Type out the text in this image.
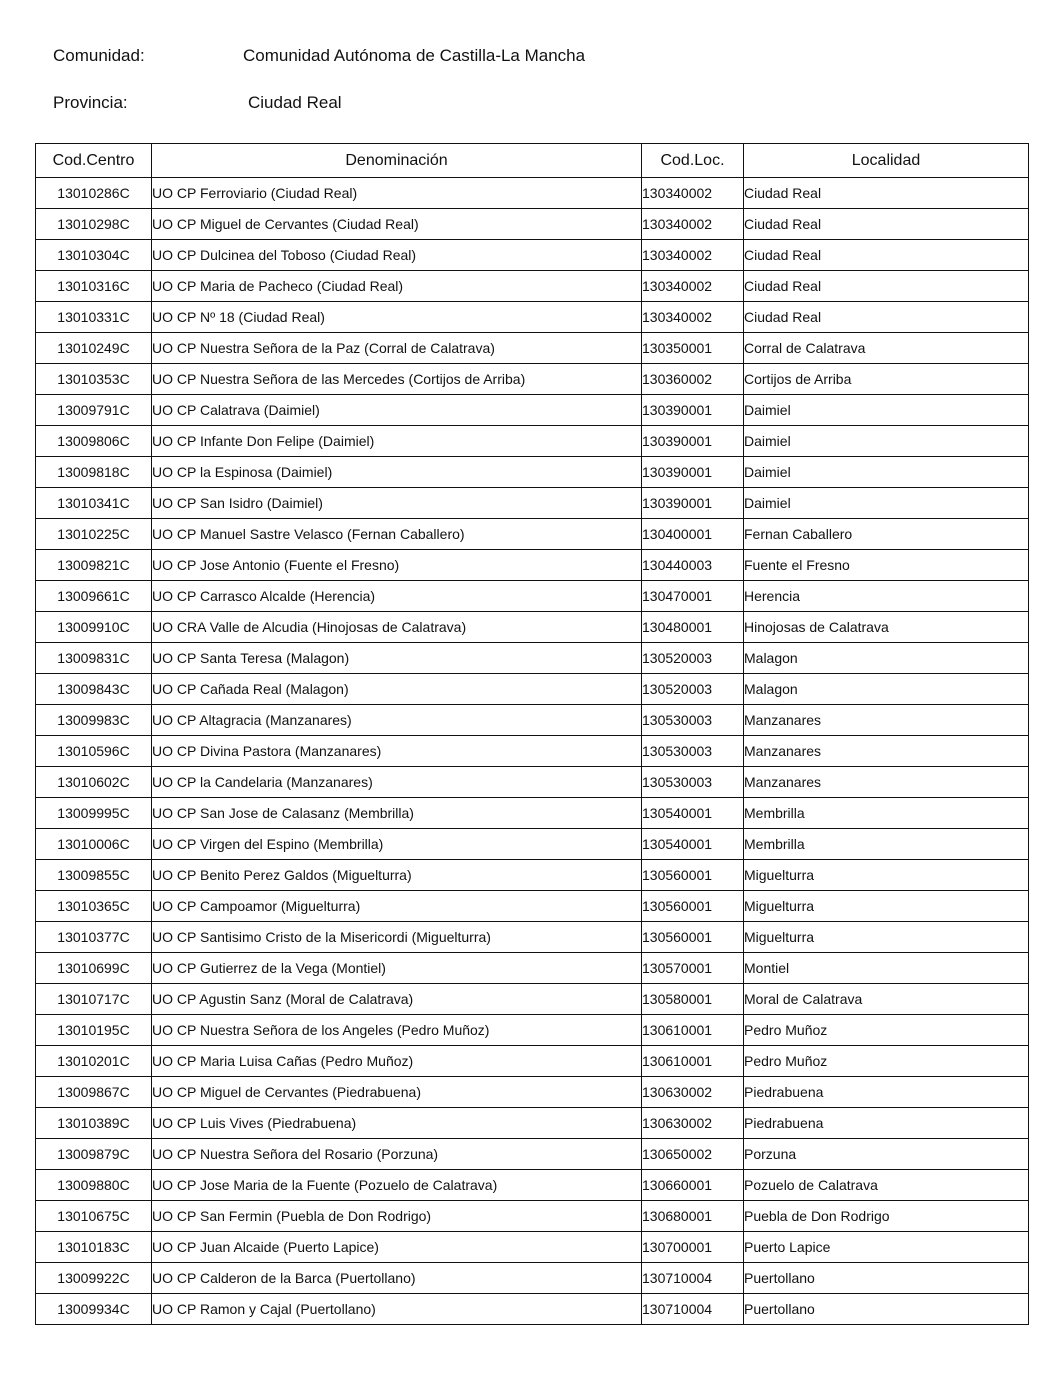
Comunidad:	Comunidad Autónoma de Castilla-La Mancha
Provincia:	Ciudad Real
Cod.Centro	Denominación	Cod.Loc.	Localidad
13010286C	UO CP Ferroviario (Ciudad Real)	130340002	Ciudad Real
13010298C	UO CP Miguel de Cervantes (Ciudad Real)	130340002	Ciudad Real
13010304C	UO CP Dulcinea del Toboso (Ciudad Real)	130340002	Ciudad Real
13010316C	UO CP Maria de Pacheco (Ciudad Real)	130340002	Ciudad Real
13010331C	UO CP Nº 18 (Ciudad Real)	130340002	Ciudad Real
13010249C	UO CP Nuestra Señora de la Paz (Corral de Calatrava)	130350001	Corral de Calatrava
13010353C	UO CP Nuestra Señora de las Mercedes (Cortijos de Arriba)	130360002	Cortijos de Arriba
13009791C	UO CP Calatrava (Daimiel)	130390001	Daimiel
13009806C	UO CP Infante Don Felipe (Daimiel)	130390001	Daimiel
13009818C	UO CP la Espinosa (Daimiel)	130390001	Daimiel
13010341C	UO CP San Isidro (Daimiel)	130390001	Daimiel
13010225C	UO CP Manuel Sastre Velasco (Fernan Caballero)	130400001	Fernan Caballero
13009821C	UO CP Jose Antonio (Fuente el Fresno)	130440003	Fuente el Fresno
13009661C	UO CP Carrasco Alcalde (Herencia)	130470001	Herencia
13009910C	UO CRA Valle de Alcudia (Hinojosas de Calatrava)	130480001	Hinojosas de Calatrava
13009831C	UO CP Santa Teresa (Malagon)	130520003	Malagon
13009843C	UO CP Cañada Real (Malagon)	130520003	Malagon
13009983C	UO CP Altagracia (Manzanares)	130530003	Manzanares
13010596C	UO CP Divina Pastora (Manzanares)	130530003	Manzanares
13010602C	UO CP la Candelaria (Manzanares)	130530003	Manzanares
13009995C	UO CP San Jose de Calasanz (Membrilla)	130540001	Membrilla
13010006C	UO CP Virgen del Espino (Membrilla)	130540001	Membrilla
13009855C	UO CP Benito Perez Galdos (Miguelturra)	130560001	Miguelturra
13010365C	UO CP Campoamor (Miguelturra)	130560001	Miguelturra
13010377C	UO CP Santisimo Cristo de la Misericordi (Miguelturra)	130560001	Miguelturra
13010699C	UO CP Gutierrez de la Vega (Montiel)	130570001	Montiel
13010717C	UO CP Agustin Sanz (Moral de Calatrava)	130580001	Moral de Calatrava
13010195C	UO CP Nuestra Señora de los Angeles (Pedro Muñoz)	130610001	Pedro Muñoz
13010201C	UO CP Maria Luisa Cañas (Pedro Muñoz)	130610001	Pedro Muñoz
13009867C	UO CP Miguel de Cervantes (Piedrabuena)	130630002	Piedrabuena
13010389C	UO CP Luis Vives (Piedrabuena)	130630002	Piedrabuena
13009879C	UO CP Nuestra Señora del Rosario (Porzuna)	130650002	Porzuna
13009880C	UO CP Jose Maria de la Fuente (Pozuelo de Calatrava)	130660001	Pozuelo de Calatrava
13010675C	UO CP San Fermin (Puebla de Don Rodrigo)	130680001	Puebla de Don Rodrigo
13010183C	UO CP Juan Alcaide (Puerto Lapice)	130700001	Puerto Lapice
13009922C	UO CP Calderon de la Barca (Puertollano)	130710004	Puertollano
13009934C	UO CP Ramon y Cajal (Puertollano)	130710004	Puertollano
